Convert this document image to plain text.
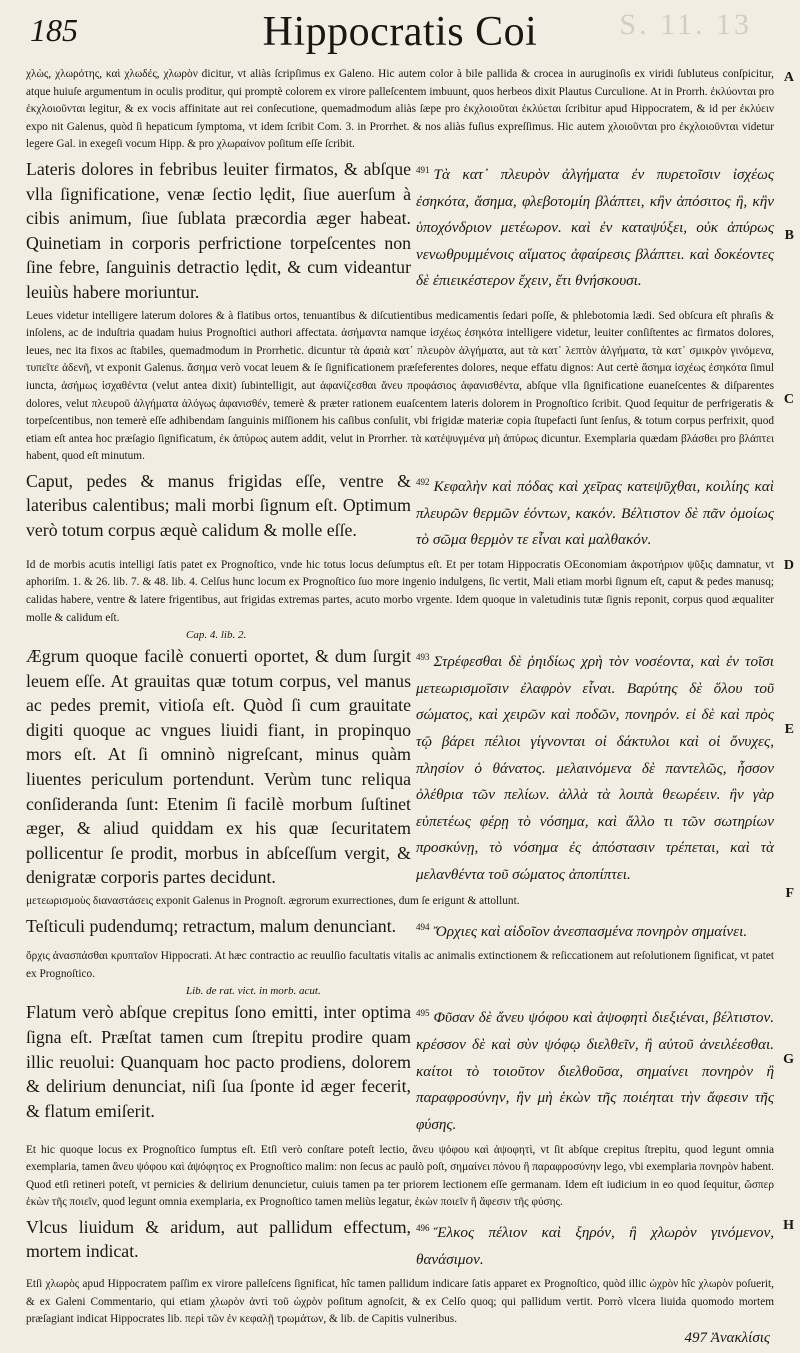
185	Hippocratis Coi	S. 11. 13
A
B
C
D
E
F
G
H

χλὼς, χλωρότης, καὶ χλωδές, χλωρὸν dicitur, vt aliàs ſcripſimus ex Galeno. Hic autem color à bile pallida & crocea in auruginoſis ex viridi ſubluteus conſpicitur, atque huiuſe argumentum in oculis proditur, qui promptè colorem ex virore palleſcentem imbuunt, quos herbeos dixit Plautus Curculione. At in Prorrh. ἐκλύονται pro ἐκχλοιοῦνται legitur, & ex vocis affinitate aut rei conſecutione, quemadmodum aliàs ſæpe pro ἐκχλοιοῦται ἐκλύεται ſcribitur apud Hippocratem, & id per ἐκλύειν expo nit Galenus, quòd ſi hepaticum ſymptoma, vt idem ſcribit Com. 3. in Prorrhet. & nos aliàs fuſius expreſſimus. Hic autem χλοιοῦνται pro ἐκχλοιοῦνται videtur legere Gal. in exegeſi vocum Hipp. & pro χλωραίνον poſitum eſſe ſcribit.

Lateris dolores in febribus leuiter firmatos, & abſque vlla ſignificatione, venæ ſectio lędit, ſiue auerſum à cibis animum, ſiue ſublata præcordia æger habeat. Quinetiam in corporis perfrictione torpeſcentes non ſine febre, ſanguinis detractio lędit, & cum videantur leuiùs habere moriuntur.
$^{491}$ Τὰ κατ᾽ πλευρὸν ἀλγήματα ἐν πυρετοῖσιν ἰσχέως ἐσηκότα, ἄσημα, φλεβοτομίη βλάπτει, κἢν ἀπόσιτος ἢ, κἢν ὑποχόνδριον μετέωρον. καὶ ἐν καταψύξει, οὐκ ἀπύρως νενωθρυμμένοις αἵματος ἀφαίρεσις βλάπτει. καὶ δοκέοντες δὲ ἐπιεικέστερον ἔχειν, ἔτι θνήσκουσι.

Leues videtur intelligere laterum dolores & à flatibus ortos, tenuantibus & diſcutientibus medicamentis ſedari poſſe, & phlebotomia lædi. Sed obſcura eſt phraſis & inſolens, ac de induſtria quadam huius Prognoſtici authori affectata. ἀσήμαντα namque ἰσχέως ἐσηκότα intelligere videtur, leuiter conſiſtentes ac firmatos dolores, leues, nec ita fixos ac ſtabiles, quemadmodum in Prorrhetic. dicuntur τὰ ἀραιὰ κατ᾽ πλευρὸν ἀλγήματα, aut τὰ κατ᾽ λεπτὸν ἀλγήματα, τὰ κατ᾽ σμικρὸν γινόμενα, τυπεῖτε ἀδενῆ, vt exponit Galenus. ἄσημα verò vocat leuem & ſe ſignificationem præſeferentes dolores, neque effatu dignos: Aut certè ἄσημα ἰσχέως ἐσηκότα ſimul iuncta, ἀσήμως ἰσχαθέντα (velut antea dixit) ſubintelligit, aut ἀφανίζεσθαι ἄνευ προφάσιος ἀφανισθέντα, abſque vlla ſignificatione euaneſcentes & diſparentes dolores, velut πλευροῦ ἀλγήματα ἀλόγως ἀφανισθέν, temerè & præter rationem euaſcentem lateris dolorem in Prognoſtico ſcribit. Quod ſequitur de perfrigeratis & torpeſcentibus, non temerè eſſe adhibendam ſanguinis miſſionem his caſibus conſulit, vbi frigidæ materiæ copia ſtupefacti ſunt ſenſus, & totum corpus perfrixit, quod etiam eſt antea hoc præſagio ſignificatum, ἐκ ἀπύρως autem addit, velut in Prorrher. τὰ κατέψυγμένα μὴ ἀπύρως dicuntur. Exemplaria quædam βλάσθει pro βλάπτει habent, quod eſt minutum.

Caput, pedes & manus frigidas eſſe, ventre & lateribus calentibus; mali morbi ſignum eſt. Optimum verò totum corpus æquè calidum & molle eſſe.
$^{492}$ Κεφαλὴν καὶ πόδας καὶ χεῖρας κατεψῦχθαι, κοιλίης καὶ πλευρῶν θερμῶν ἐόντων, κακόν. Βέλτιστον δὲ πᾶν ὁμοίως τὸ σῶμα θερμὸν τε εἶναι καὶ μαλθακόν.

Id de morbis acutis intelligi ſatis patet ex Prognoſtico, vnde hic totus locus deſumptus eſt. Et per totam Hippocratis OEconomiam ἀκροτήριον ψῦξις damnatur, vt aphoriſm. 1. & 26. lib. 7. & 48. lib. 4. Celſus hunc locum ex Prognoſtico ſuo more ingenio indulgens, ſic vertit, Mali etiam morbi ſignum eſt, caput & pedes manusq; calidas habere, ventre & latere frigentibus, aut frigidas extremas partes, acuto morbo vrgente. Idem quoque in valetudinis tutæ ſignis reponit, corpus quod æqualiter molle & calidum eſt.

Cap. 4. lib. 2.
Ægrum quoque facilè conuerti oportet, & dum ſurgit leuem eſſe. At grauitas quæ totum corpus, vel manus ac pedes premit, vitioſa eſt. Quòd ſi cum grauitate digiti quoque ac vngues liuidi fiant, in propinquo mors eſt. At ſi omninò nigreſcant, minus quàm liuentes periculum portendunt. Verùm tunc reliqua conſideranda ſunt: Etenim ſi facilè morbum ſuſtinet æger, & aliud quiddam ex his quæ ſecuritatem pollicentur ſe prodit, morbus in abſceſſum vergit, & denigratæ corporis partes decidunt.
$^{493}$ Στρέφεσθαι δὲ ῥηιδίως χρὴ τὸν νοσέοντα, καὶ ἐν τοῖσι μετεωρισμοῖσιν ἐλαφρὸν εἶναι. Βαρύτης δὲ ὅλου τοῦ σώματος, καὶ χειρῶν καὶ ποδῶν, πονηρόν. εἰ δὲ καὶ πρὸς τῷ βάρει πέλιοι γίγνονται οἱ δάκτυλοι καὶ οἱ ὄνυχες, πλησίον ὁ θάνατος. μελαινόμενα δὲ παντελῶς, ἧσσον ὀλέθρια τῶν πελίων. ἀλλὰ τὰ λοιπὰ θεωρέειν. ἢν γὰρ εὐπετέως φέρῃ τὸ νόσημα, καὶ ἄλλο τι τῶν σωτηρίων προσκύνῃ, τὸ νόσημα ἐς ἀπόστασιν τρέπεται, καὶ τὰ μελανθέντα τοῦ σώματος ἀποπίπτει.

μετεωρισμοὺς διαναστάσεις exponit Galenus in Prognoſt. ægrorum exurrectiones, dum ſe erigunt & attollunt.

Teſticuli pudendumq; retractum, malum denunciant.	$^{494}$ Ὄρχιες καὶ αἰδοῖον ἀνεσπασμένα πονηρὸν σημαίνει.

ὄρχις ἀνασπάσθαι κρυπταῖον Hippocrati. At hæc contractio ac reuulſio facultatis vitalis ac animalis extinctionem & reſiccationem aut reſolutionem ſignificat, vt patet ex Prognoſtico.

Lib. de rat. vict. in morb. acut.
Flatum verò abſque crepitus ſono emitti, inter optima ſigna eſt. Præſtat tamen cum ſtrepitu prodire quam illic reuolui: Quanquam hoc pacto prodiens, dolorem & delirium denunciat, niſi ſua ſponte id æger fecerit, & flatum emiſerit.
$^{495}$ Φῦσαν δὲ ἄνευ ψόφου καὶ ἀψοφητὶ διεξιέναι, βέλτιστον. κρέσσον δὲ καὶ σὺν ψόφῳ διελθεῖν, ἢ αὐτοῦ ἀνειλέεσθαι. καίτοι τὸ τοιοῦτον διελθοῦσα, σημαίνει πονηρὸν ἢ παραφροσύνην, ἢν μὴ ἑκὼν τῆς ποιέηται τὴν ἄφεσιν τῆς φύσης.

Et hic quoque locus ex Prognoſtico ſumptus eſt. Etſi verò conſtare poteſt lectio, ἄνευ ψόφου καὶ ἀψοφητὶ, vt ſit abſque crepitus ſtrepitu, quod legunt omnia exemplaria, tamen ἄνευ ψόφου καὶ ἀψόφητος ex Prognoſtico malim: non ſecus ac paulò poſt, σημαίνει πόνου ἢ παραφροσύνην lego, vbi exemplaria πονηρὸν habent. Quod etſi retineri poteſt, vt pernicies & delirium denuncietur, cuiuis tamen pa ter priorem lectionem eſſe germanam. Idem eſt iudicium in eo quod ſequitur, ὥσπερ ἑκὼν τῆς ποιεῖν, quod legunt omnia exemplaria, ex Prognoſtico tamen meliùs legatur, ἑκὼν ποιεῖν ἢ ἄφεσιν τῆς φύσης.

Vlcus liuidum & aridum, aut pallidum effectum, mortem indicat.
$^{496}$ Ἕλκος πέλιον καὶ ξηρόν, ἢ χλωρὸν γινόμενον, θανάσιμον.

Etſi χλωρὸς apud Hippocratem paſſim ex virore palleſcens ſignificat, hîc tamen pallidum indicare ſatis apparet ex Prognoſtico, quòd illic ὠχρὸν hîc χλωρὸν poſuerit, & ex Galeni Commentario, qui etiam χλωρὸν ἀντὶ τοῦ ὠχρὸν poſitum agnoſcit, & ex Celſo quoq; qui pallidum vertit. Porrò vlcera liuida quomodo mortem præſagiant indicat Hippocrates lib. περὶ τῶν ἐν κεφαλῇ τρωμάτων, & lib. de Capitis vulneribus.

497 Ἀνακλίσις
